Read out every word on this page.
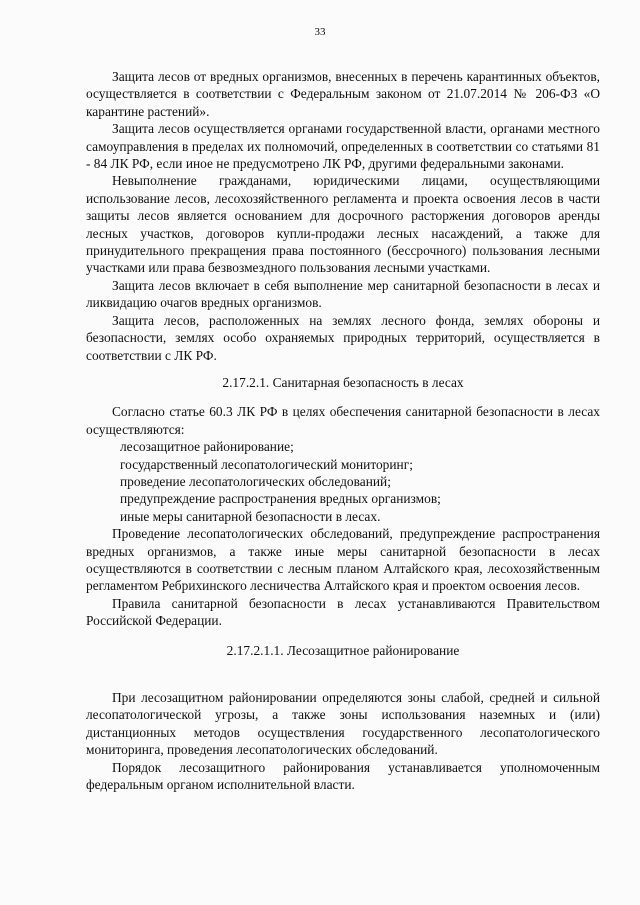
33

Защита лесов от вредных организмов, внесенных в перечень карантинных объектов, осуществляется в соответствии с Федеральным законом от 21.07.2014 № 206-ФЗ «О карантине растений».

Защита лесов осуществляется органами государственной власти, органами местного самоуправления в пределах их полномочий, определенных в соответствии со статьями 81 - 84 ЛК РФ, если иное не предусмотрено ЛК РФ, другими федеральными законами.

Невыполнение гражданами, юридическими лицами, осуществляющими использование лесов, лесохозяйственного регламента и проекта освоения лесов в части защиты лесов является основанием для досрочного расторжения договоров аренды лесных участков, договоров купли-продажи лесных насаждений, а также для принудительного прекращения права постоянного (бессрочного) пользования лесными участками или права безвозмездного пользования лесными участками.

Защита лесов включает в себя выполнение мер санитарной безопасности в лесах и ликвидацию очагов вредных организмов.

Защита лесов, расположенных на землях лесного фонда, землях обороны и безопасности, землях особо охраняемых природных территорий, осуществляется в соответствии с ЛК РФ.

2.17.2.1. Санитарная безопасность в лесах

Согласно статье 60.3 ЛК РФ в целях обеспечения санитарной безопасности в лесах осуществляются:

лесозащитное районирование;

государственный лесопатологический мониторинг;

проведение лесопатологических обследований;

предупреждение распространения вредных организмов;

иные меры санитарной безопасности в лесах.

Проведение лесопатологических обследований, предупреждение распространения вредных организмов, а также иные меры санитарной безопасности в лесах осуществляются в соответствии с лесным планом Алтайского края, лесохозяйственным регламентом Ребрихинского лесничества Алтайского края и проектом освоения лесов.

Правила санитарной безопасности в лесах устанавливаются Правительством Российской Федерации.

2.17.2.1.1. Лесозащитное районирование

При лесозащитном районировании определяются зоны слабой, средней и сильной лесопатологической угрозы, а также зоны использования наземных и (или) дистанционных методов осуществления государственного лесопатологического мониторинга, проведения лесопатологических обследований.

Порядок лесозащитного районирования устанавливается уполномоченным федеральным органом исполнительной власти.
